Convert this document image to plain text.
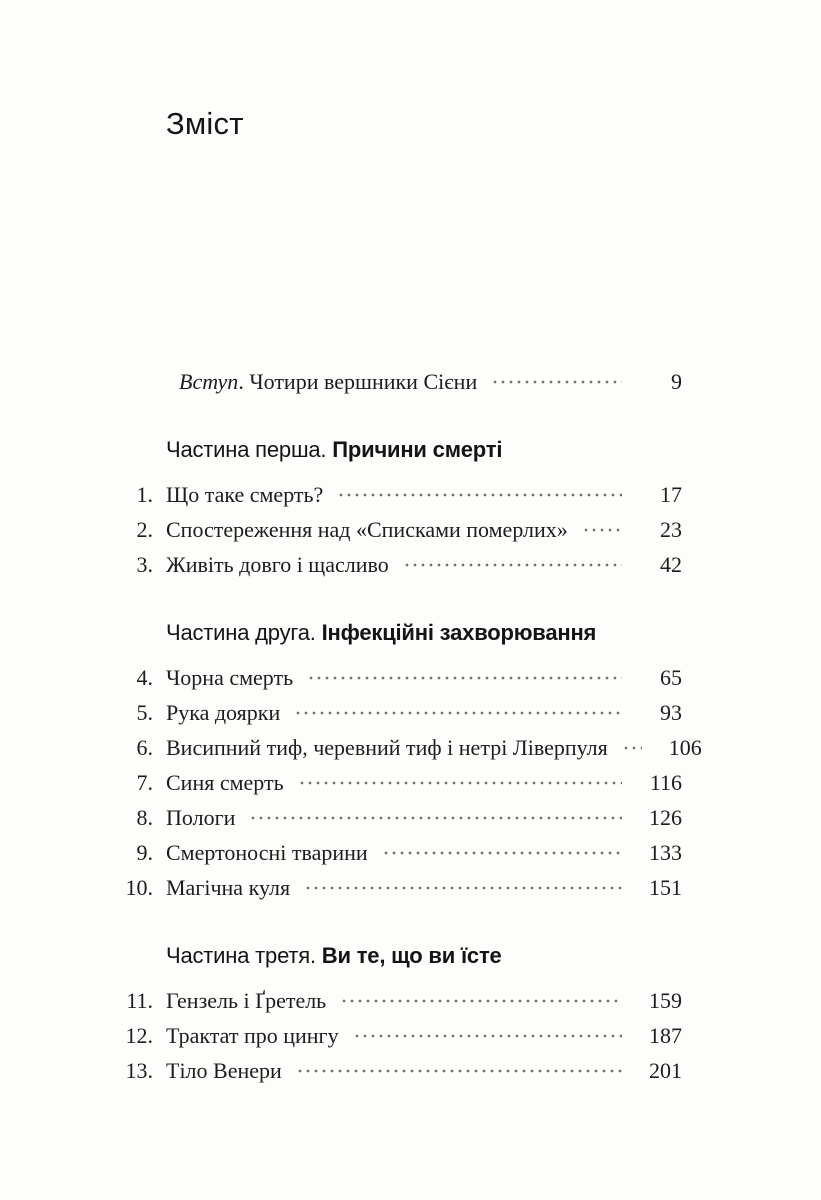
Зміст
Вступ. Чотири вершники Сієни	9
Частина перша. Причини смерті
1. Що таке смерть?	17
2. Спостереження над «Списками померлих»	23
3. Живіть довго і щасливо	42
Частина друга. Інфекційні захворювання
4. Чорна смерть	65
5. Рука доярки	93
6. Висипний тиф, черевний тиф і нетрі Ліверпуля	106
7. Синя смерть	116
8. Пологи	126
9. Смертоносні тварини	133
10. Магічна куля	151
Частина третя. Ви те, що ви їсте
11. Гензель і Ґретель	159
12. Трактат про цингу	187
13. Тіло Венери	201
